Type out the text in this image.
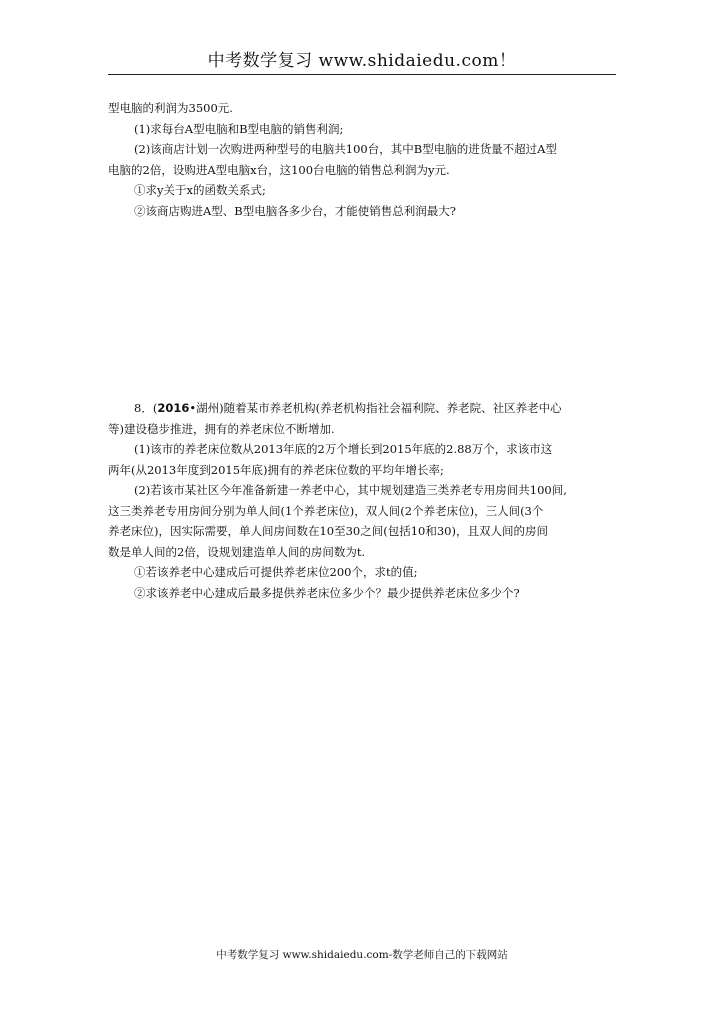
中考数学复习 www.shidaiedu.com！

型电脑的利润为3500元.

(1)求每台A型电脑和B型电脑的销售利润;

(2)该商店计划一次购进两种型号的电脑共100台，其中B型电脑的进货量不超过A型

电脑的2倍，设购进A型电脑x台，这100台电脑的销售总利润为y元.

①求y关于x的函数关系式;

②该商店购进A型、B型电脑各多少台，才能使销售总利润最大?

8．(2016•湖州)随着某市养老机构(养老机构指社会福利院、养老院、社区养老中心

等)建设稳步推进，拥有的养老床位不断增加.

(1)该市的养老床位数从2013年底的2万个增长到2015年底的2.88万个，求该市这

两年(从2013年度到2015年底)拥有的养老床位数的平均年增长率;

(2)若该市某社区今年准备新建一养老中心，其中规划建造三类养老专用房间共100间,

这三类养老专用房间分别为单人间(1个养老床位)，双人间(2个养老床位)，三人间(3个

养老床位)，因实际需要，单人间房间数在10至30之间(包括10和30)，且双人间的房间

数是单人间的2倍，设规划建造单人间的房间数为t.

①若该养老中心建成后可提供养老床位200个，求t的值;

②求该养老中心建成后最多提供养老床位多少个？最少提供养老床位多少个?

中考数学复习 www.shidaiedu.com-数学老师自己的下载网站
